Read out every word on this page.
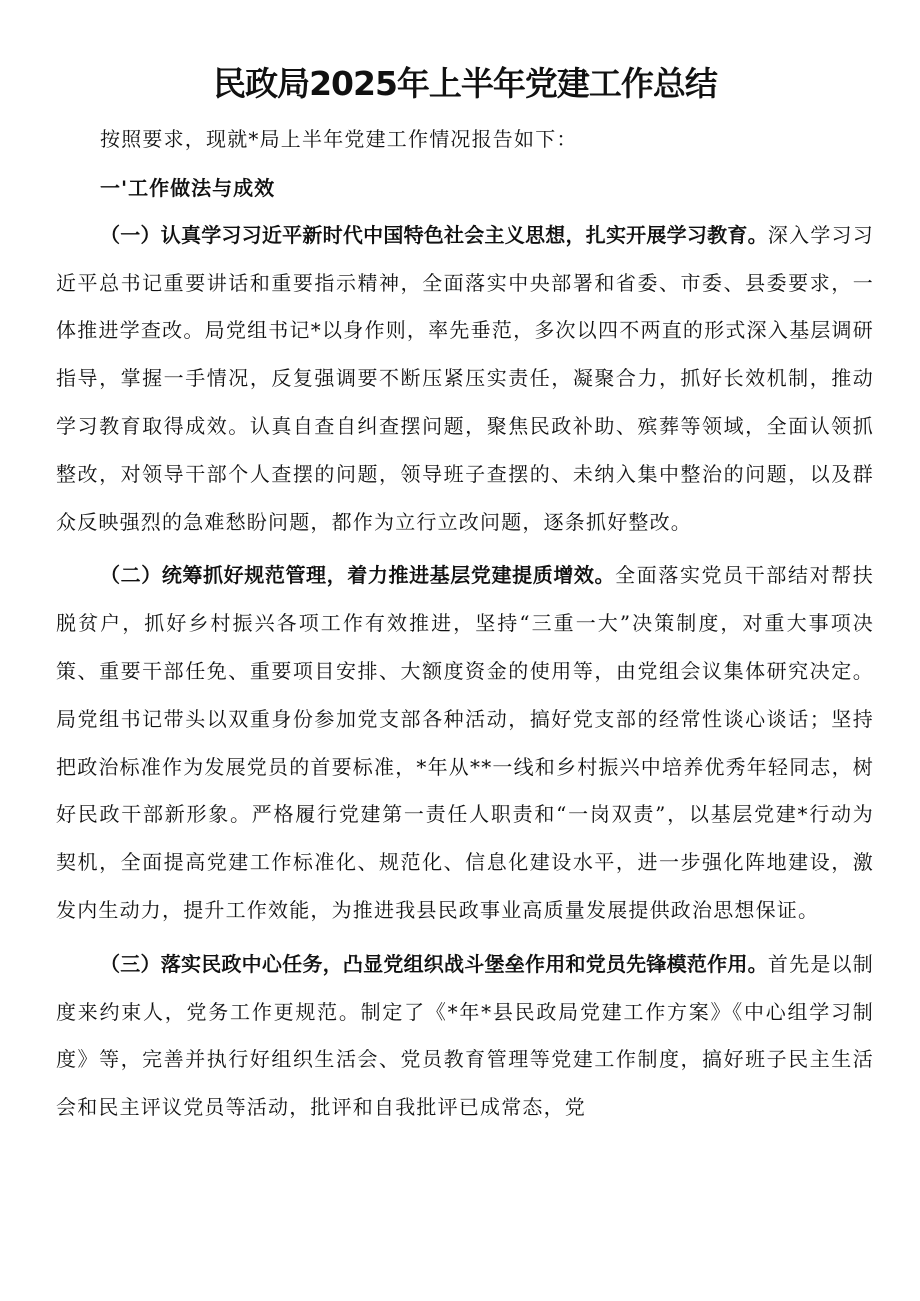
民政局2025年上半年党建工作总结

按照要求，现就*局上半年党建工作情况报告如下：

一'工作做法与成效

（一）认真学习习近平新时代中国特色社会主义思想，扎实开展学习教育。深入学习习近平总书记重要讲话和重要指示精神，全面落实中央部署和省委、市委、县委要求，一体推进学查改。局党组书记*以身作则，率先垂范，多次以四不两直的形式深入基层调研指导，掌握一手情况，反复强调要不断压紧压实责任，凝聚合力，抓好长效机制，推动学习教育取得成效。认真自查自纠查摆问题，聚焦民政补助、殡葬等领域，全面认领抓整改，对领导干部个人查摆的问题，领导班子查摆的、未纳入集中整治的问题，以及群众反映强烈的急难愁盼问题，都作为立行立改问题，逐条抓好整改。

（二）统筹抓好规范管理，着力推进基层党建提质增效。全面落实党员干部结对帮扶脱贫户，抓好乡村振兴各项工作有效推进，坚持“三重一大”决策制度，对重大事项决策、重要干部任免、重要项目安排、大额度资金的使用等，由党组会议集体研究决定。局党组书记带头以双重身份参加党支部各种活动，搞好党支部的经常性谈心谈话；坚持把政治标准作为发展党员的首要标准，*年从**一线和乡村振兴中培养优秀年轻同志，树好民政干部新形象。严格履行党建第一责任人职责和“一岗双责”，以基层党建*行动为契机，全面提高党建工作标准化、规范化、信息化建设水平，进一步强化阵地建设，激发内生动力，提升工作效能，为推进我县民政事业高质量发展提供政治思想保证。

（三）落实民政中心任务，凸显党组织战斗堡垒作用和党员先锋模范作用。首先是以制度来约束人，党务工作更规范。制定了《*年*县民政局党建工作方案》《中心组学习制度》等，完善并执行好组织生活会、党员教育管理等党建工作制度，搞好班子民主生活会和民主评议党员等活动，批评和自我批评已成常态，党
